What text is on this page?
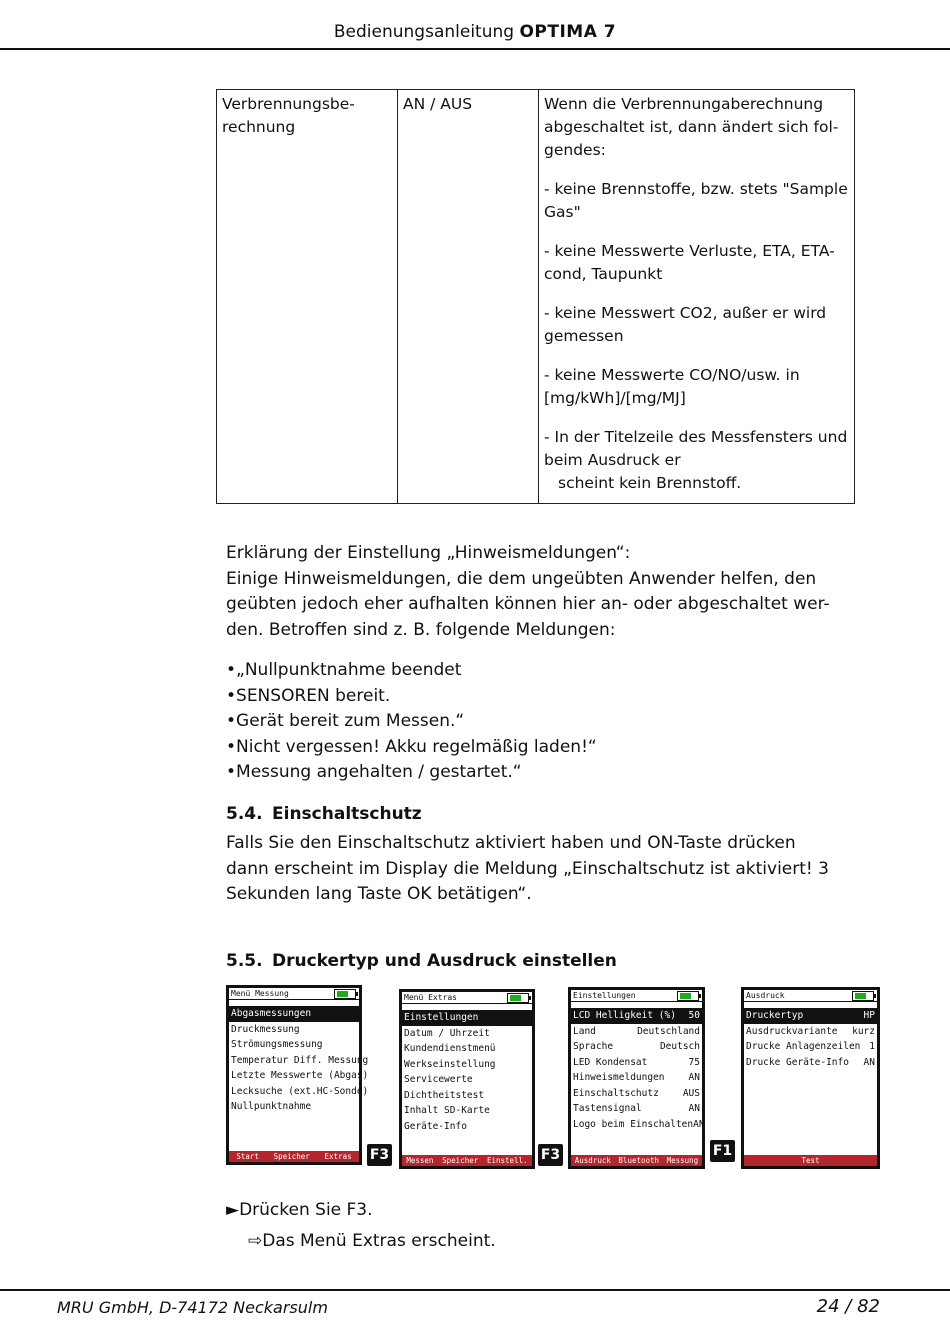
Bedienungsanleitung OPTIMA 7
Verbrennungsbe-
rechnung	AN / AUS	Wenn die Verbrennungaberechnung abgeschaltet ist, dann ändert sich fol-gendes:

- keine Brennstoffe, bzw. stets "Sample Gas"

- keine Messwerte Verluste, ETA, ETA-cond, Taupunkt

- keine Messwert CO2, außer er wird gemessen

- keine Messwerte CO/NO/usw. in [mg/kWh]/[mg/MJ]

- In der Titelzeile des Messfensters und beim Ausdruck er
scheint kein Brennstoff.

Erklärung der Einstellung „Hinweismeldungen“:

Einige Hinweismeldungen, die dem ungeübten Anwender helfen, den geübten jedoch eher aufhalten können hier an- oder abgeschaltet wer-den. Betroffen sind z. B. folgende Meldungen:

•„Nullpunktnahme beendet
•SENSOREN bereit.
•Gerät bereit zum Messen.“
•Nicht vergessen! Akku regelmäßig laden!“
•Messung angehalten / gestartet.“
5.4. Einschaltschutz

Falls Sie den Einschaltschutz aktiviert haben und ON-Taste drücken dann erscheint im Display die Meldung „Einschaltschutz ist aktiviert! 3 Sekunden lang Taste OK betätigen“.

5.5. Druckertyp und Ausdruck einstellen
Menü Messung
Abgasmessungen
Druckmessung
Strömungsmessung
Temperatur Diff. Messung
Letzte Messwerte (Abgas)
Lecksuche (ext.HC-Sonde)
Nullpunktnahme
Start Speicher Extras F3
Menü Extras
Einstellungen
Datum / Uhrzeit
Kundendienstmenü
Werkseinstellung
Servicewerte
Dichtheitstest
Inhalt SD-Karte
Geräte-Info
Messen Speicher Einstell. F3
Einstellungen
LCD Helligkeit (%) 50
Land	Deutschland
Sprache	Deutsch
LED Kondensat	75
Hinweismeldungen	AN
Einschaltschutz	AUS
Tastensignal	AN
Logo beim Einschalten AN
Ausdruck Bluetooth Messung
F1
Ausdruck
Druckertyp	HP
Ausdruckvariante kurz
Drucke Anlagenzeilen 1
Drucke Geräte-Info AN
Test

►Drücken Sie F3.

⇨Das Menü Extras erscheint.

MRU GmbH, D-74172 Neckarsulm	24 / 82
